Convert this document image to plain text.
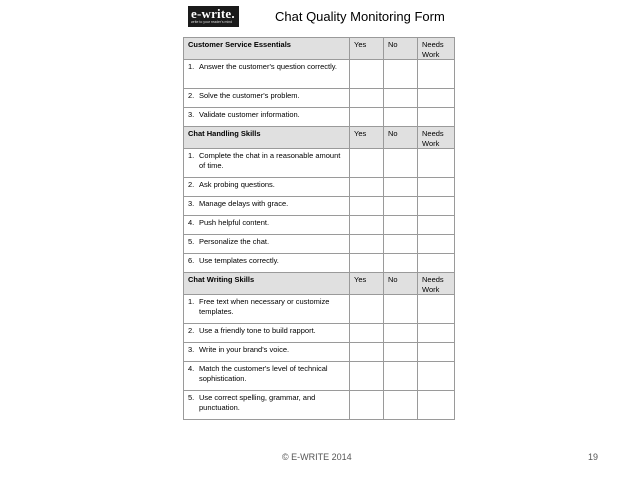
e-write.
write to your reader's mind	Chat Quality Monitoring Form
Customer Service Essentials	Yes	No	Needs Work

1. Answer the customer's question correctly.			

2. Solve the customer's problem.			

3. Validate customer information.			

Chat Handling Skills	Yes	No	Needs Work

1. Complete the chat in a reasonable amount of time.			

2. Ask probing questions.			

3. Manage delays with grace.			

4. Push helpful content.			

5. Personalize the chat.			

6. Use templates correctly.			

Chat Writing Skills	Yes	No	Needs Work

1. Free text when necessary or customize templates.			

2. Use a friendly tone to build rapport.			

3. Write in your brand's voice.			

4. Match the customer's level of technical sophistication.			

5. Use correct spelling, grammar, and punctuation.			

© E-WRITE 2014	19
